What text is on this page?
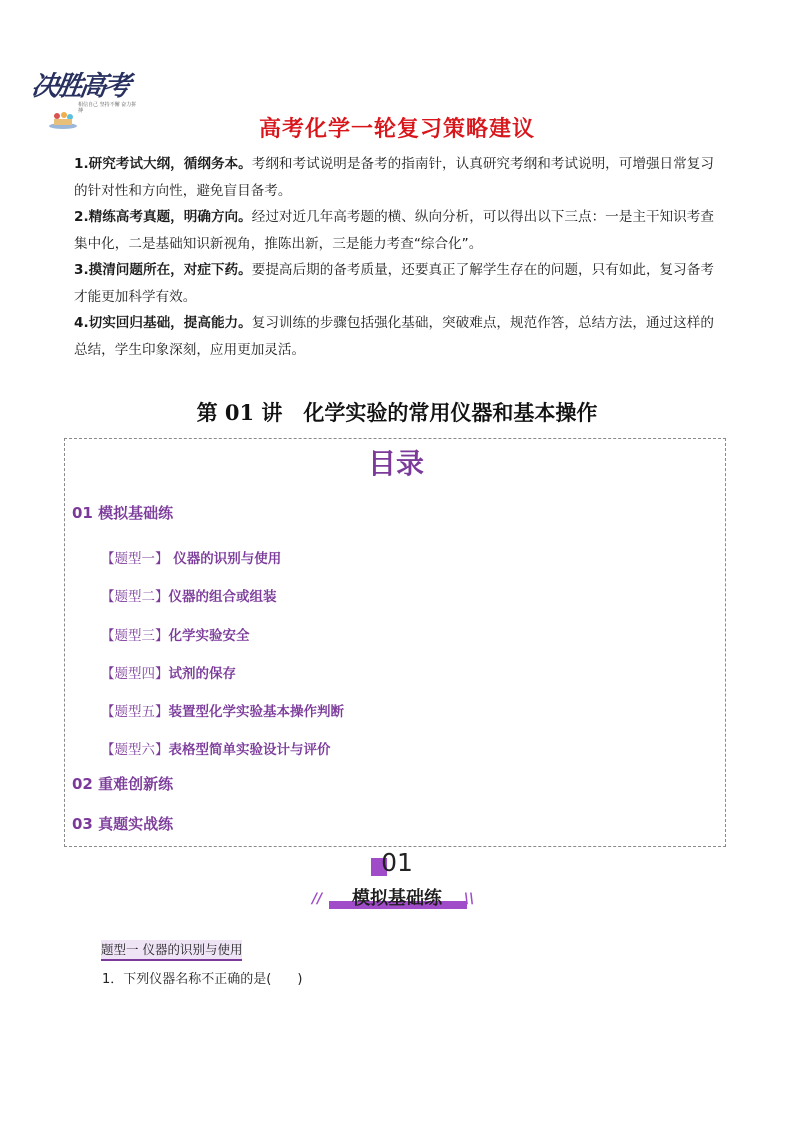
决胜高考
相信自己 坚持不懈 奋力拼搏
高考化学一轮复习策略建议

1.研究考试大纲，循纲务本。考纲和考试说明是备考的指南针，认真研究考纲和考试说明，可增强日常复习的针对性和方向性，避免盲目备考。

2.精练高考真题，明确方向。经过对近几年高考题的横、纵向分析，可以得出以下三点：一是主干知识考查集中化，二是基础知识新视角，推陈出新，三是能力考查“综合化”。

3.摸清问题所在，对症下药。要提高后期的备考质量，还要真正了解学生存在的问题，只有如此，复习备考才能更加科学有效。

4.切实回归基础，提高能力。复习训练的步骤包括强化基础，突破难点，规范作答，总结方法，通过这样的总结，学生印象深刻，应用更加灵活。

第 01 讲　化学实验的常用仪器和基本操作
目录
01 模拟基础练
【题型一】 仪器的识别与使用
【题型二】仪器的组合或组装
【题型三】化学实验安全
【题型四】试剂的保存
【题型五】装置型化学实验基本操作判断
【题型六】表格型简单实验设计与评价
02 重难创新练
03 真题实战练
01
//	模拟基础练	\\
题型一 仪器的识别与使用
1．下列仪器名称不正确的是(　　)
